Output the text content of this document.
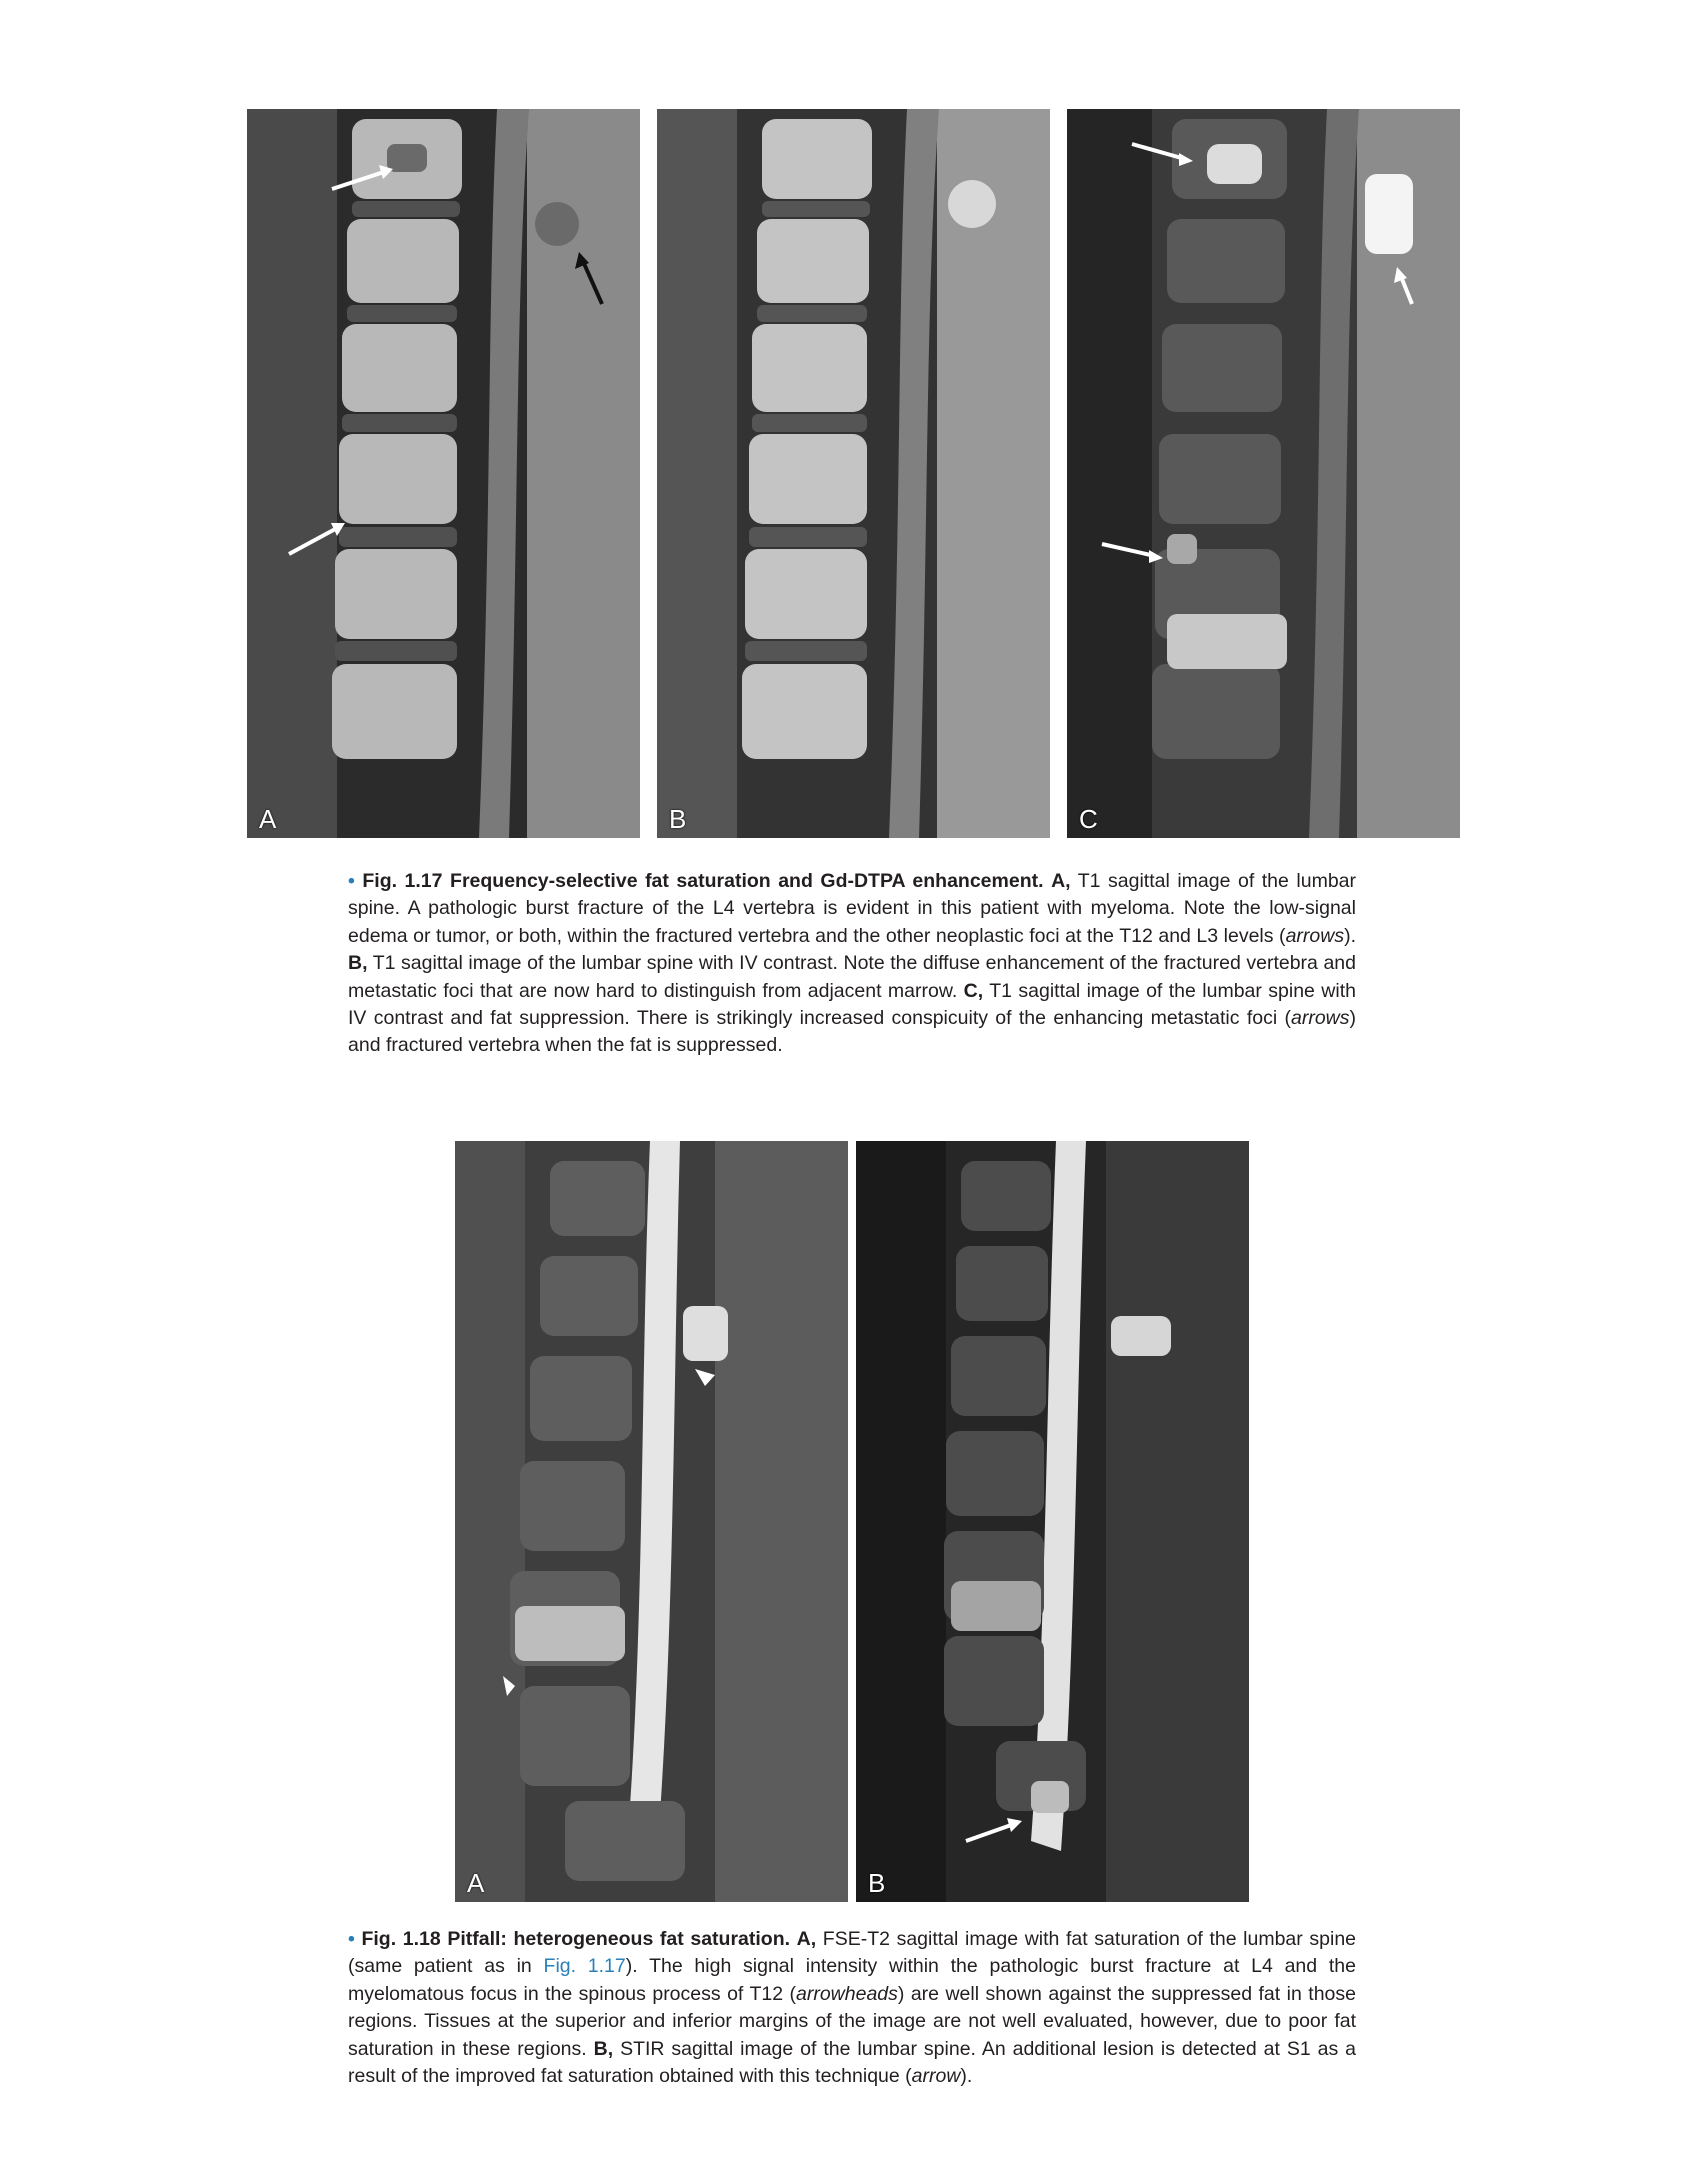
A	B	C
• Fig. 1.17 Frequency-selective fat saturation and Gd-DTPA enhancement. A, T1 sagittal image of the lumbar spine. A pathologic burst fracture of the L4 vertebra is evident in this patient with myeloma. Note the low-signal edema or tumor, or both, within the fractured vertebra and the other neoplastic foci at the T12 and L3 levels (arrows). B, T1 sagittal image of the lumbar spine with IV contrast. Note the diffuse enhancement of the fractured vertebra and metastatic foci that are now hard to distinguish from adjacent marrow. C, T1 sagittal image of the lumbar spine with IV contrast and fat suppression. There is strikingly increased conspicuity of the enhancing metastatic foci (arrows) and fractured vertebra when the fat is suppressed.
A	B
• Fig. 1.18 Pitfall: heterogeneous fat saturation. A, FSE-T2 sagittal image with fat saturation of the lumbar spine (same patient as in Fig. 1.17). The high signal intensity within the pathologic burst fracture at L4 and the myelomatous focus in the spinous process of T12 (arrowheads) are well shown against the suppressed fat in those regions. Tissues at the superior and inferior margins of the image are not well evaluated, however, due to poor fat saturation in these regions. B, STIR sagittal image of the lumbar spine. An additional lesion is detected at S1 as a result of the improved fat saturation obtained with this technique (arrow).
